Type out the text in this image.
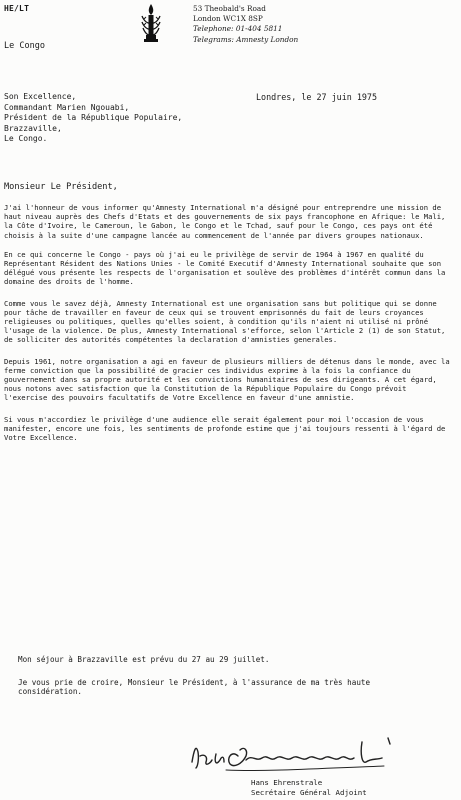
HE/LT
Le Congo
53 Theobald's Road
London WC1X 8SP
Telephone: 01-404 5811
Telegrams: Amnesty London
Son Excellence,
Commandant Marien Ngouabi,
Président de la République Populaire,
Brazzaville,
Le Congo.
Londres, le 27 juin 1975
Monsieur Le Président,

J'ai l'honneur de vous informer qu'Amnesty International m'a désigné pour entreprendre une mission de haut niveau auprès des Chefs d'Etats et des gouvernements de six pays francophone en Afrique: le Mali, la Côte d'Ivoire, le Cameroun, le Gabon, le Congo et le Tchad, sauf pour le Congo, ces pays ont été choisis à la suite d'une campagne lancée au commencement de l'année par divers groupes nationaux.

En ce qui concerne le Congo - pays où j'ai eu le privilège de servir de 1964 à 1967 en qualité du Représentant Résident des Nations Unies - le Comité Executif d'Amnesty International souhaite que son délégué vous présente les respects de l'organisation et soulève des problèmes d'intérêt commun dans la domaine des droits de l'homme.

Comme vous le savez déjà, Amnesty International est une organisation sans but politique qui se donne pour tâche de travailler en faveur de ceux qui se trouvent emprisonnés du fait de leurs croyances religieuses ou politiques, quelles qu'elles soient, à condition qu'ils n'aient ni utilisé ni prôné l'usage de la violence. De plus, Amnesty International s'efforce, selon l'Article 2 (1) de son Statut, de solliciter des autorités compétentes la declaration d'amnisties generales.

Depuis 1961, notre organisation a agi en faveur de plusieurs milliers de détenus dans le monde, avec la ferme conviction que la possibilité de gracier ces individus exprime à la fois la confiance du gouvernement dans sa propre autorité et les convictions humanitaires de ses dirigeants. A cet égard, nous notons avec satisfaction que la Constitution de la République Populaire du Congo prévoit l'exercise des pouvoirs facultatifs de Votre Excellence en faveur d'une amnistie.

Si vous m'accordiez le privilège d'une audience elle serait également pour moi l'occasion de vous manifester, encore une fois, les sentiments de profonde estime que j'ai toujours ressenti à l'égard de Votre Excellence.

Mon séjour à Brazzaville est prévu du 27 au 29 juillet.

Je vous prie de croire, Monsieur le Président, à l'assurance de ma très haute considération.

Hans Ehrenstrale
Secrétaire Général Adjoint
